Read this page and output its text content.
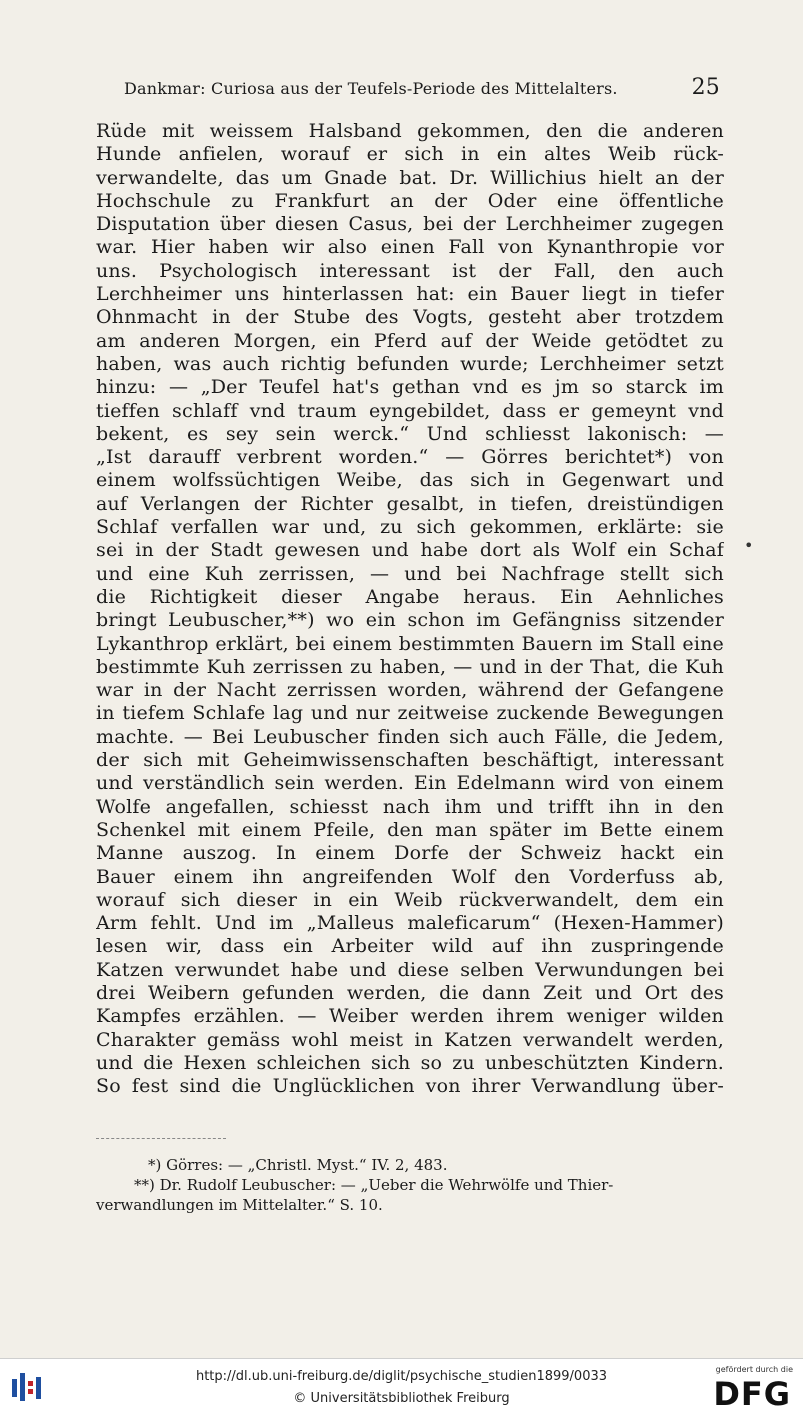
Dankmar: Curiosa aus der Teufels-Periode des Mittelalters.	25
Rüde mit weissem Halsband gekommen, den die anderen
Hunde anfielen, worauf er sich in ein altes Weib rück-
verwandelte, das um Gnade bat. Dr. Willichius hielt an der
Hochschule zu Frankfurt an der Oder eine öffentliche
Disputation über diesen Casus, bei der Lerchheimer zugegen
war. Hier haben wir also einen Fall von Kynanthropie vor
uns. Psychologisch interessant ist der Fall, den auch
Lerchheimer uns hinterlassen hat: ein Bauer liegt in tiefer
Ohnmacht in der Stube des Vogts, gesteht aber trotzdem
am anderen Morgen, ein Pferd auf der Weide getödtet zu
haben, was auch richtig befunden wurde; Lerchheimer setzt
hinzu: — „Der Teufel hat's gethan vnd es jm so starck im
tieffen schlaff vnd traum eyngebildet, dass er gemeynt vnd
bekent, es sey sein werck.“ Und schliesst lakonisch: —
„Ist darauff verbrent worden.“ — Görres berichtet*) von
einem wolfssüchtigen Weibe, das sich in Gegenwart und
auf Verlangen der Richter gesalbt, in tiefen, dreistündigen
Schlaf verfallen war und, zu sich gekommen, erklärte: sie
sei in der Stadt gewesen und habe dort als Wolf ein Schaf
und eine Kuh zerrissen, — und bei Nachfrage stellt sich
die Richtigkeit dieser Angabe heraus. Ein Aehnliches
bringt Leubuscher,**) wo ein schon im Gefängniss sitzender
Lykanthrop erklärt, bei einem bestimmten Bauern im Stall eine
bestimmte Kuh zerrissen zu haben, — und in der That, die Kuh
war in der Nacht zerrissen worden, während der Gefangene
in tiefem Schlafe lag und nur zeitweise zuckende Bewegungen
machte. — Bei Leubuscher finden sich auch Fälle, die Jedem,
der sich mit Geheimwissenschaften beschäftigt, interessant
und verständlich sein werden. Ein Edelmann wird von einem
Wolfe angefallen, schiesst nach ihm und trifft ihn in den
Schenkel mit einem Pfeile, den man später im Bette einem
Manne auszog. In einem Dorfe der Schweiz hackt ein
Bauer einem ihn angreifenden Wolf den Vorderfuss ab,
worauf sich dieser in ein Weib rückverwandelt, dem ein
Arm fehlt. Und im „Malleus maleficarum“ (Hexen-Hammer)
lesen wir, dass ein Arbeiter wild auf ihn zuspringende
Katzen verwundet habe und diese selben Verwundungen bei
drei Weibern gefunden werden, die dann Zeit und Ort des
Kampfes erzählen. — Weiber werden ihrem weniger wilden
Charakter gemäss wohl meist in Katzen verwandelt werden,
und die Hexen schleichen sich so zu unbeschützten Kindern.
So fest sind die Unglücklichen von ihrer Verwandlung über-
•
*) Görres: — „Christl. Myst.“ IV. 2, 483.
**) Dr. Rudolf Leubuscher: — „Ueber die Wehrwölfe und Thier-
verwandlungen im Mittelalter.“ S. 10.
http://dl.ub.uni-freiburg.de/diglit/psychische_studien1899/0033
© Universitätsbibliothek Freiburg
gefördert durch die
DFG
